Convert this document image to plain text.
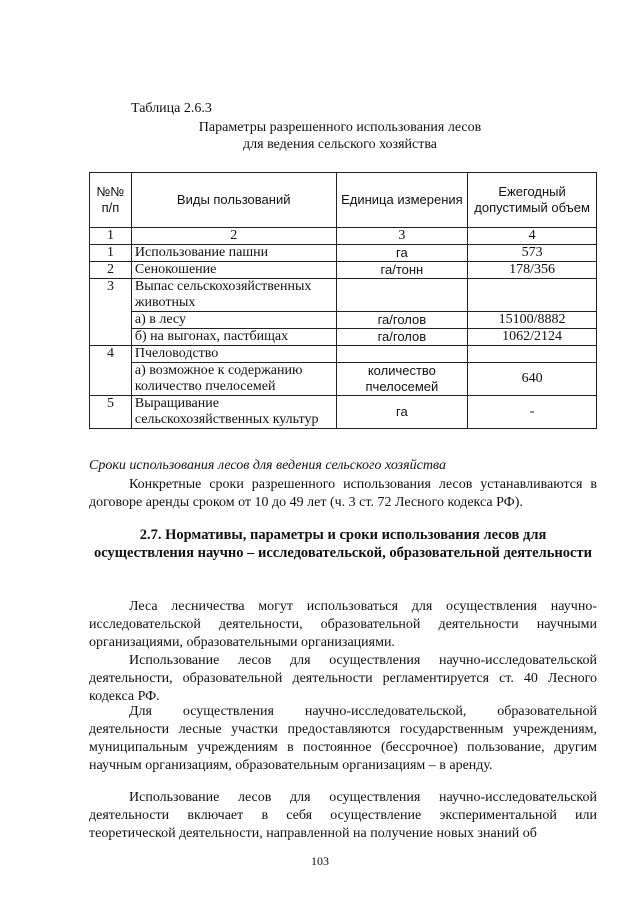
Таблица 2.6.3
Параметры разрешенного использования лесов
для ведения сельского хозяйства
№№ п/п	Виды пользований	Единица измерения	Ежегодный допустимый объем
1	2	3	4
1	Использование пашни	га	573
2	Сенокошение	га/тонн	178/356
3	Выпас сельскохозяйственных животных		
	а) в лесу	га/голов	15100/8882
	б) на выгонах, пастбищах	га/голов	1062/2124
4	Пчеловодство		
	а) возможное к содержанию количество пчелосемей	количество пчелосемей	640
5	Выращивание сельскохозяйственных культур	га	-
Сроки использования лесов для ведения сельского хозяйства
Конкретные сроки разрешенного использования лесов устанавливаются в договоре аренды сроком от 10 до 49 лет (ч. 3 ст. 72 Лесного кодекса РФ).
2.7. Нормативы, параметры и сроки использования лесов для осуществления научно – исследовательской, образовательной деятельности
Леса лесничества могут использоваться для осуществления научно-исследовательской деятельности, образовательной деятельности научными организациями, образовательными организациями.
Использование лесов для осуществления научно-исследовательской деятельности, образовательной деятельности регламентируется ст. 40 Лесного кодекса РФ.
Для осуществления научно-исследовательской, образовательной деятельности лесные участки предоставляются государственным учреждениям, муниципальным учреждениям в постоянное (бессрочное) пользование, другим научным организациям, образовательным организациям – в аренду.
Использование лесов для осуществления научно-исследовательской деятельности включает в себя осуществление экспериментальной или теоретической деятельности, направленной на получение новых знаний об
103
